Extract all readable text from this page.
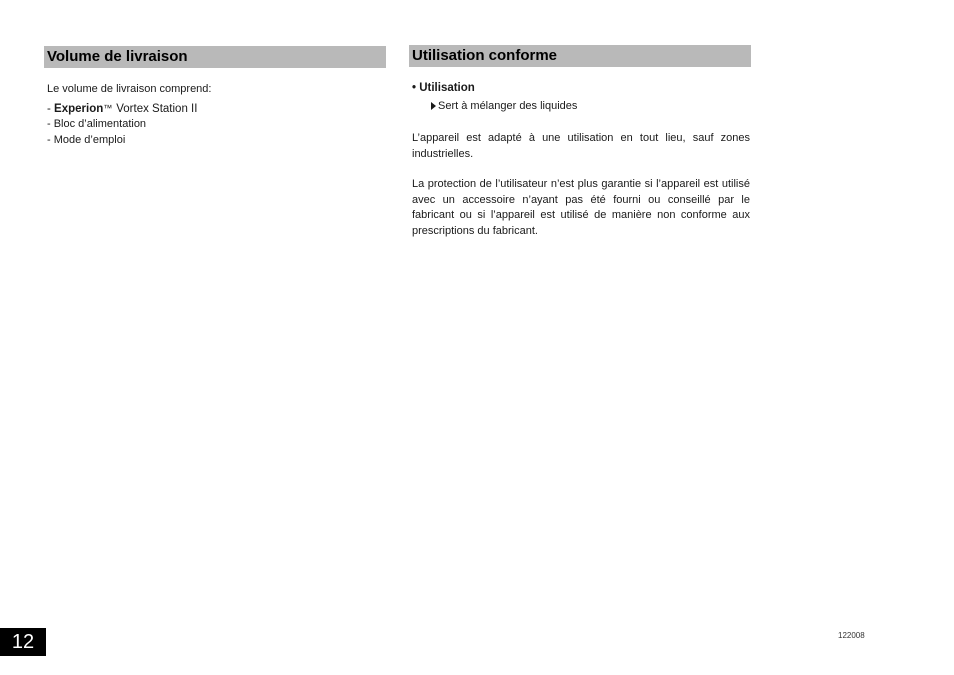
Volume de livraison
Le volume de livraison comprend:
- Experion™ Vortex Station II
- Bloc d’alimentation
- Mode d’emploi
Utilisation conforme
• Utilisation
Sert à mélanger des liquides
L’appareil est adapté à une utilisation en tout lieu, sauf zones industrielles.
La protection de l’utilisateur n’est plus garantie si l’appareil est utilisé avec un accessoire n’ayant pas été fourni ou conseillé par le fabricant ou si l’appareil est utilisé de manière non conforme aux prescriptions du fabricant.
12	122008
